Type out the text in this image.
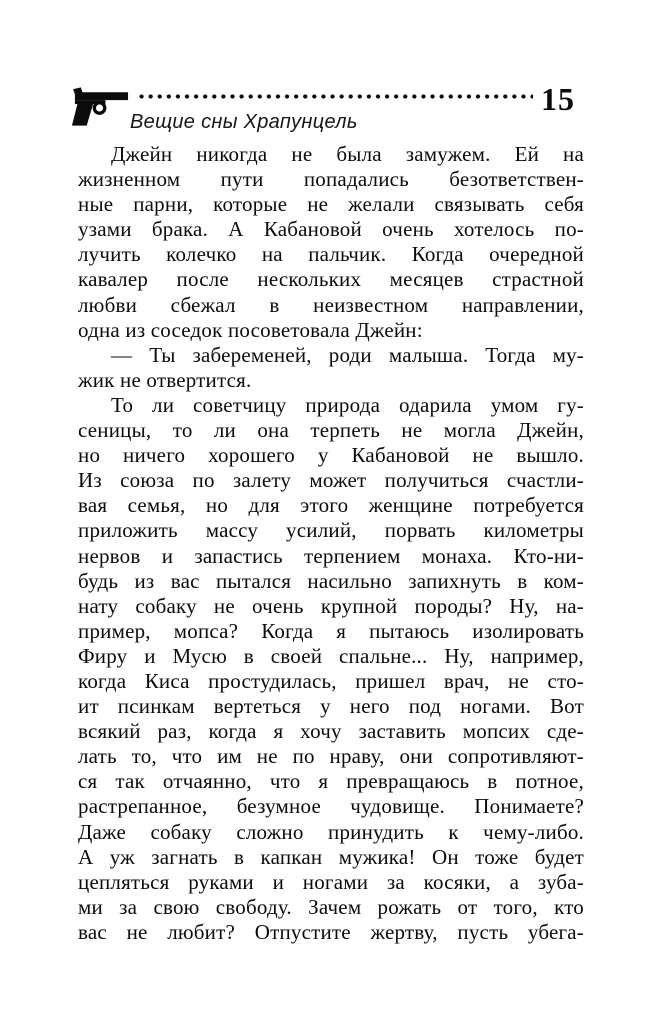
15
Вещие сны Храпунцель
Джейн никогда не была замужем. Ей на
жизненном пути попадались безответствен-
ные парни, которые не желали связывать себя
узами брака. А Кабановой очень хотелось по-
лучить колечко на пальчик. Когда очередной
кавалер после нескольких месяцев страстной
любви сбежал в неизвестном направлении,
одна из соседок посоветовала Джейн:
— Ты забеременей, роди малыша. Тогда му-
жик не отвертится.
То ли советчицу природа одарила умом гу-
сеницы, то ли она терпеть не могла Джейн,
но ничего хорошего у Кабановой не вышло.
Из союза по залету может получиться счастли-
вая семья, но для этого женщине потребуется
приложить массу усилий, порвать километры
нервов и запастись терпением монаха. Кто-ни-
будь из вас пытался насильно запихнуть в ком-
нату собаку не очень крупной породы? Ну, на-
пример, мопса? Когда я пытаюсь изолировать
Фиру и Мусю в своей спальне... Ну, например,
когда Киса простудилась, пришел врач, не сто-
ит псинкам вертеться у него под ногами. Вот
всякий раз, когда я хочу заставить мопсих сде-
лать то, что им не по нраву, они сопротивляют-
ся так отчаянно, что я превращаюсь в потное,
растрепанное, безумное чудовище. Понимаете?
Даже собаку сложно принудить к чему-либо.
А уж загнать в капкан мужика! Он тоже будет
цепляться руками и ногами за косяки, а зуба-
ми за свою свободу. Зачем рожать от того, кто
вас не любит? Отпустите жертву, пусть убега-
